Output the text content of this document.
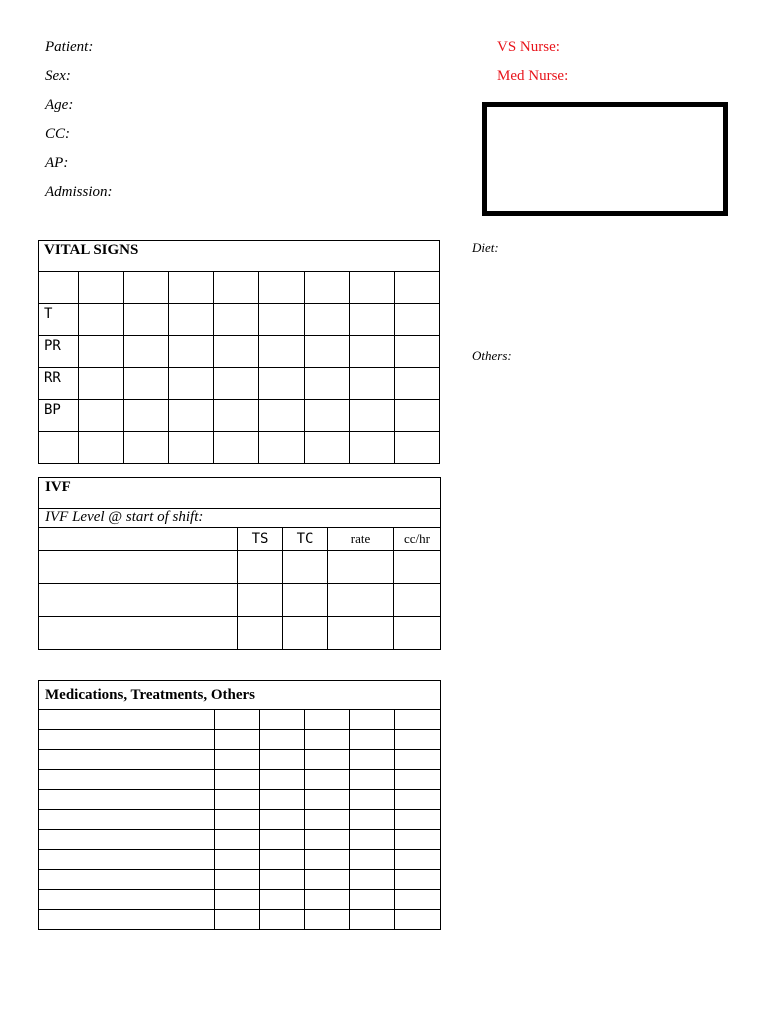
Patient:
Sex:
Age:
CC:
AP:
Admission:
VS Nurse:
Med Nurse:
Diet:
Others:
VITAL SIGNS								

T								
PR								
RR								
BP								

IVF				
IVF Level @ start of shift:				
	TS	TC	rate	cc/hr

Medications, Treatments, Others					
